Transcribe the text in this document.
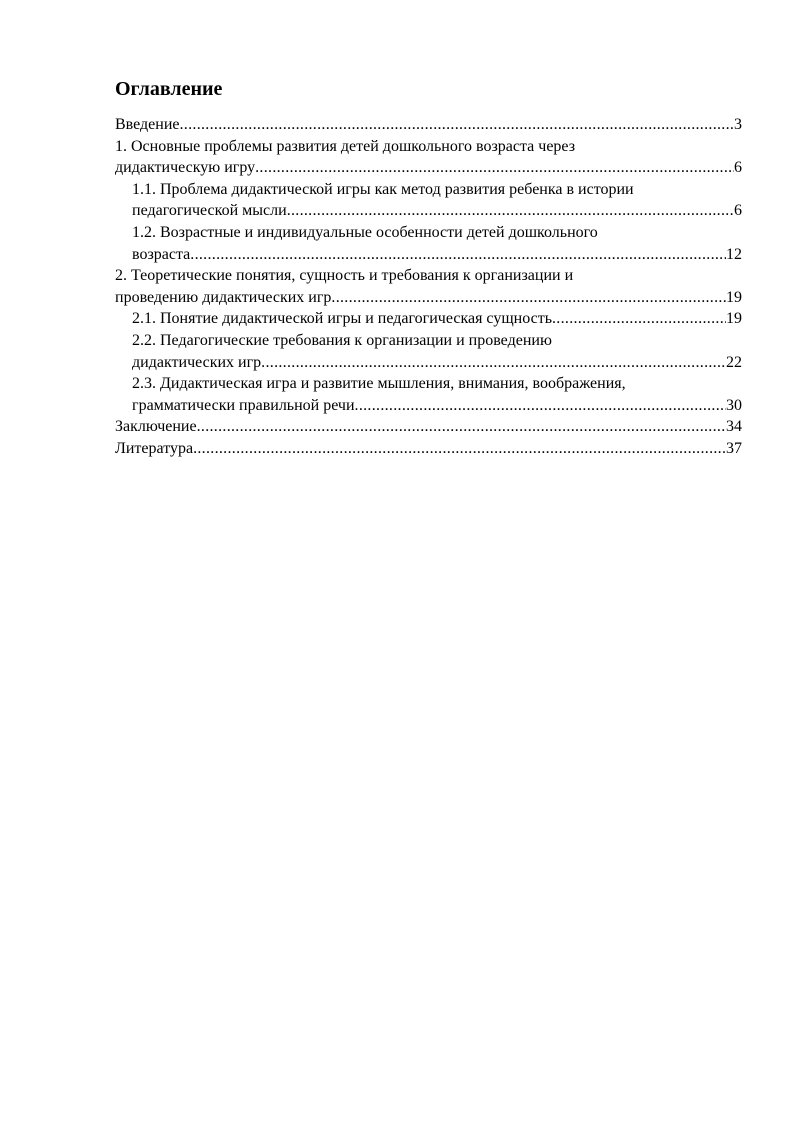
Оглавление
Введение .....	3
1. Основные проблемы развития детей дошкольного возраста через
дидактическую игру .....	6
1.1. Проблема дидактической игры как метод развития ребенка в истории
педагогической мысли .....	6
1.2. Возрастные и индивидуальные особенности детей дошкольного
возраста .....	12
2. Теоретические понятия, сущность и требования к организации и
проведению дидактических игр .....	19
2.1. Понятие дидактической игры и педагогическая сущность .....	19
2.2. Педагогические требования к организации и проведению
дидактических игр .....	22
2.3. Дидактическая игра и развитие мышления, внимания, воображения,
грамматически правильной речи .....	30
Заключение .....	34
Литература .....	37
